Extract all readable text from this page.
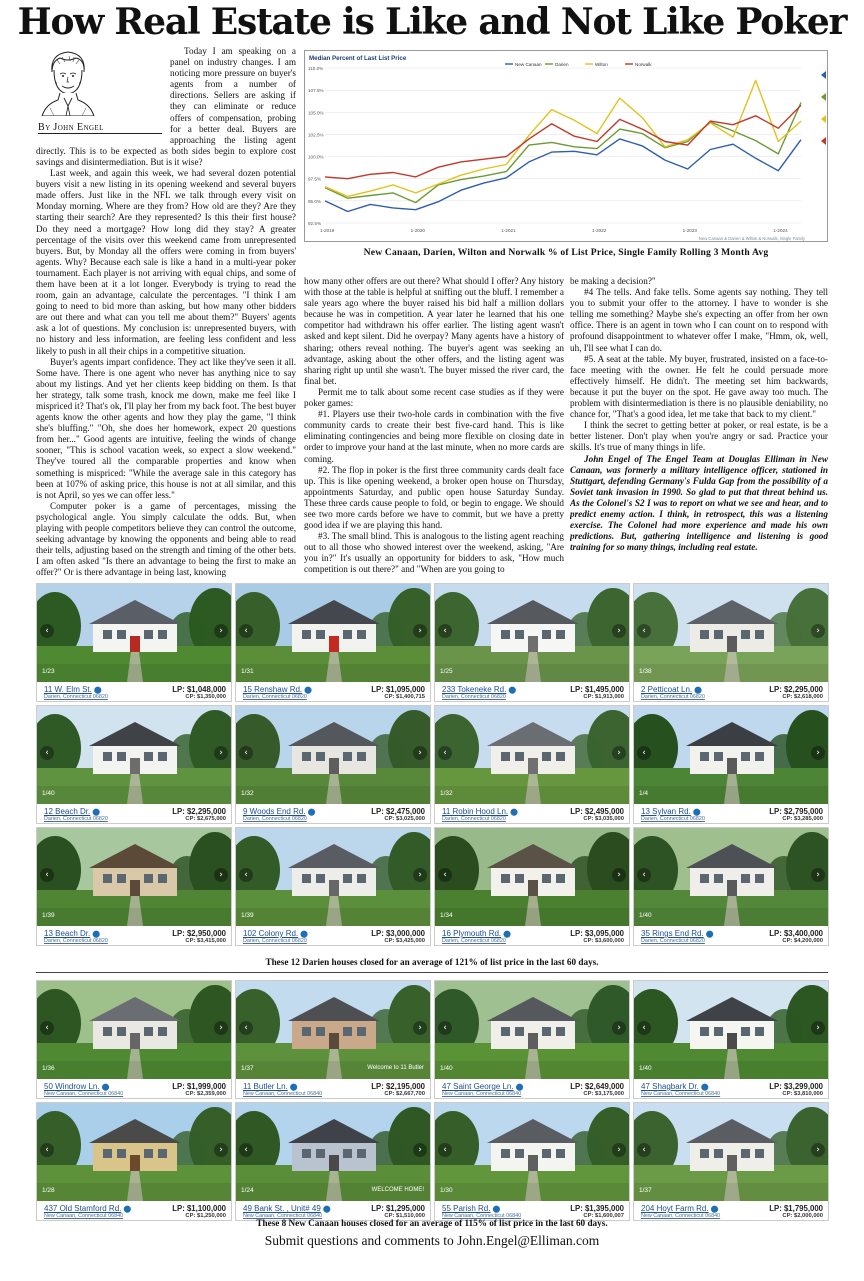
How Real Estate is Like and Not Like Poker
By John Engel

Today I am speaking on a panel on industry changes. I am noticing more pressure on buyer's agents from a number of directions. Sellers are asking if they can eliminate or reduce offers of compensation, probing for a better deal. Buyers are approaching the listing agent directly. This is to be expected as both sides begin to explore cost savings and disintermediation. But is it wise?

Last week, and again this week, we had several dozen potential buyers visit a new listing in its opening weekend and several buyers made offers. Just like in the NFL we talk through every visit on Monday morning. Where are they from? How old are they? Are they starting their search? Are they represented? Is this their first house? Do they need a mortgage? How long did they stay? A greater percentage of the visits over this weekend came from unrepresented buyers. But, by Monday all the offers were coming in from buyers' agents. Why? Because each sale is like a hand in a multi-year poker tournament. Each player is not arriving with equal chips, and some of them have been at it a lot longer. Everybody is trying to read the room, gain an advantage, calculate the percentages. "I think I am going to need to bid more than asking, but how many other bidders are out there and what can you tell me about them?" Buyers' agents ask a lot of questions. My conclusion is: unrepresented buyers, with no history and less information, are feeling less confident and less likely to push in all their chips in a competitive situation.

Buyer's agents impart confidence. They act like they've seen it all. Some have. There is one agent who never has anything nice to say about my listings. And yet her clients keep bidding on them. Is that her strategy, talk some trash, knock me down, make me feel like I mispriced it? That's ok, I'll play her from my back foot. The best buyer agents know the other agents and how they play the game, "I think she's bluffing." "Oh, she does her homework, expect 20 questions from her..." Good agents are intuitive, feeling the winds of change sooner, "This is school vacation week, so expect a slow weekend." They've toured all the comparable properties and know when something is mispriced: "While the average sale in this category has been at 107% of asking price, this house is not at all similar, and this is not April, so yes we can offer less."

Computer poker is a game of percentages, missing the psychological angle. You simply calculate the odds. But, when playing with people competitors believe they can control the outcome, seeking advantage by knowing the opponents and being able to read their tells, adjusting based on the strength and timing of the other bets. I am often asked "Is there an advantage to being the first to make an offer?" Or is there advantage in being last, knowing

Median Percent of Last List Price
92.5%
95.0%
97.5%
100.0%
102.5%
105.0%
107.5%
110.0%
1-2019	1-2020	1-2021	1-2022	1-2023	1-2024
New Canaan	Darien	Wilton	Norwalk
New Canaan & Darien & Wilton & Norwalk, Single Family
New Canaan, Darien, Wilton and Norwalk % of List Price, Single Family Rolling 3 Month Avg

how many other offers are out there? What should I offer? Any history with those at the table is helpful at sniffing out the bluff. I remember a sale years ago where the buyer raised his bid half a million dollars because he was in competition. A year later he learned that his one competitor had withdrawn his offer earlier. The listing agent wasn't asked and kept silent. Did he overpay? Many agents have a history of sharing; others reveal nothing. The buyer's agent was seeking an advantage, asking about the other offers, and the listing agent was sharing right up until she wasn't. The buyer missed the river card, the final bet.

Permit me to talk about some recent case studies as if they were poker games:

#1. Players use their two-hole cards in combination with the five community cards to create their best five-card hand. This is like eliminating contingencies and being more flexible on closing date in order to improve your hand at the last minute, when no more cards are coming.

#2. The flop in poker is the first three community cards dealt face up. This is like opening weekend, a broker open house on Thursday, appointments Saturday, and public open house Saturday Sunday. These three cards cause people to fold, or begin to engage. We should see two more cards before we have to commit, but we have a pretty good idea if we are playing this hand.

#3. The small blind. This is analogous to the listing agent reaching out to all those who showed interest over the weekend, asking, "Are you in?" It's usually an opportunity for bidders to ask, "How much competition is out there?" and "When are you going to

be making a decision?"

#4 The tells. And fake tells. Some agents say nothing. They tell you to submit your offer to the attorney. I have to wonder is she telling me something? Maybe she's expecting an offer from her own office. There is an agent in town who I can count on to respond with profound disappointment to whatever offer I make, "Hmm, ok, well, uh, I'll see what I can do.

#5. A seat at the table. My buyer, frustrated, insisted on a face-to-face meeting with the owner. He felt he could persuade more effectively himself. He didn't. The meeting set him backwards, because it put the buyer on the spot. He gave away too much. The problem with disintermediation is there is no plausible deniability, no chance for, "That's a good idea, let me take that back to my client."

I think the secret to getting better at poker, or real estate, is be a better listener. Don't play when you're angry or sad. Practice your skills. It's true of many things in life.

John Engel of The Engel Team at Douglas Elliman in New Canaan, was formerly a military intelligence officer, stationed in Stuttgart, defending Germany's Fulda Gap from the possibility of a Soviet tank invasion in 1990. So glad to put that threat behind us. As the Colonel's S2 I was to report on what we see and hear, and to predict enemy action. I think, in retrospect, this was a listening exercise. The Colonel had more experience and made his own predictions. But, gathering intelligence and listening is good training for so many things, including real estate.

‹	›
1/23
11 W. Elm St. ⬤
Darien, Connecticut 06820
LP: $1,048,000
CP: $1,350,000
‹	›
1/31
15 Renshaw Rd. ⬤
Darien, Connecticut 06820
LP: $1,095,000
CP: $1,400,715
‹	›
1/25
233 Tokeneke Rd. ⬤
Darien, Connecticut 06820
LP: $1,495,000
CP: $1,913,000
‹	›
1/38
2 Petticoat Ln. ⬤
Darien, Connecticut 06820
LP: $2,295,000
CP: $2,618,000
‹	›
1/40
12 Beach Dr. ⬤
Darien, Connecticut 06820
LP: $2,295,000
CP: $2,675,000
‹	›
1/32
9 Woods End Rd. ⬤
Darien, Connecticut 06820
LP: $2,475,000
CP: $3,025,000
‹	›
1/32
11 Robin Hood Ln. ⬤
Darien, Connecticut 06820
LP: $2,495,000
CP: $3,035,000
‹	›
1/4
13 Sylvan Rd. ⬤
Darien, Connecticut 06820
LP: $2,795,000
CP: $3,285,000
‹	›
1/39
13 Beach Dr. ⬤
Darien, Connecticut 06820
LP: $2,950,000
CP: $3,415,000
‹	›
1/39
102 Colony Rd. ⬤
Darien, Connecticut 06820
LP: $3,000,000
CP: $3,425,000
‹	›
1/34
16 Plymouth Rd. ⬤
Darien, Connecticut 06820
LP: $3,095,000
CP: $3,600,000
‹	›
1/40
35 Rings End Rd. ⬤
Darien, Connecticut 06820
LP: $3,400,000
CP: $4,200,000
These 12 Darien houses closed for an average of 121% of list price in the last 60 days.
‹	›
1/36
50 Windrow Ln. ⬤
New Canaan, Connecticut 06840
LP: $1,999,000
CP: $2,359,000
‹	›
1/37	Welcome to 11 Butler
11 Butler Ln. ⬤
New Canaan, Connecticut 06840
LP: $2,195,000
CP: $2,667,700
‹	›
1/40
47 Saint George Ln. ⬤
New Canaan, Connecticut 06840
LP: $2,649,000
CP: $3,175,000
‹	›
1/40
47 Shagbark Dr. ⬤
New Canaan, Connecticut 06840
LP: $3,299,000
CP: $3,810,000
‹	›
1/28
437 Old Stamford Rd. ⬤
New Canaan, Connecticut 06840
LP: $1,100,000
CP: $1,250,000
‹	›
1/24	WELCOME HOME!
49 Bank St. , Unit# 49 ⬤
New Canaan, Connecticut 06840
LP: $1,295,000
CP: $1,510,000
‹	›
1/30
55 Parish Rd. ⬤
New Canaan, Connecticut 06840
LP: $1,395,000
CP: $1,600,007
‹	›
1/37
204 Hoyt Farm Rd. ⬤
New Canaan, Connecticut 06840
LP: $1,795,000
CP: $2,000,000
These 8 New Canaan houses closed for an average of 115% of list price in the last 60 days.
Submit questions and comments to John.Engel@Elliman.com
